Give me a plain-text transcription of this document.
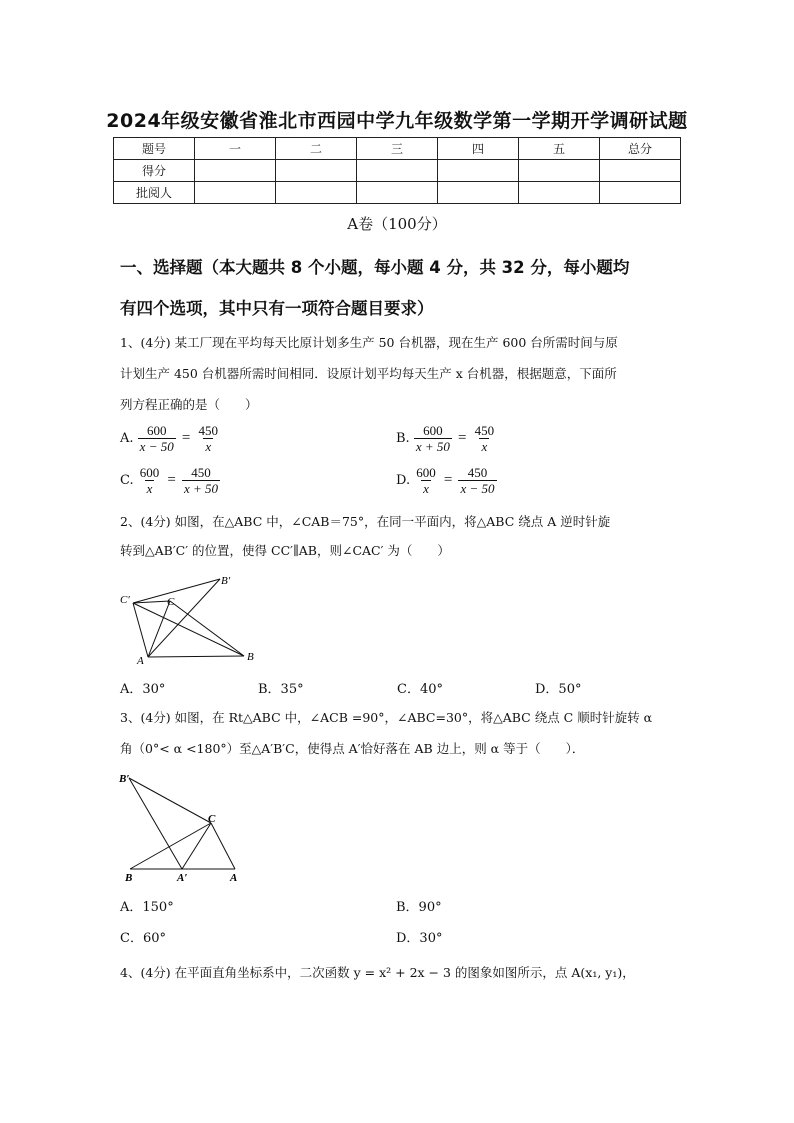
2024年级安徽省淮北市西园中学九年级数学第一学期开学调研试题
题号	一	二	三	四	五	总分
得分						
批阅人						
A卷（100分）
一、选择题（本大题共 8 个小题，每小题 4 分，共 32 分，每小题均
有四个选项，其中只有一项符合题目要求）
1、(4分) 某工厂现在平均每天比原计划多生产 50 台机器，现在生产 600 台所需时间与原
计划生产 450 台机器所需时间相同．设原计划平均每天生产 x 台机器，根据题意，下面所
列方程正确的是（　　）
A. $\frac{600}{x - 50} = \frac{450}{x}$	B. $\frac{600}{x + 50} = \frac{450}{x}$
C. $\frac{600}{x} = \frac{450}{x + 50}$	D. $\frac{600}{x} = \frac{450}{x - 50}$
2、(4分) 如图，在△ABC 中，∠CAB＝75°，在同一平面内，将△ABC 绕点 A 逆时针旋
转到△AB′C′ 的位置，使得 CC′∥AB，则∠CAC′ 为（　　）
C′	C
B′
A	B
A．30°	B．35°	C．40°	D．50°
3、(4分) 如图，在 Rt△ABC 中，∠ACB =90°，∠ABC=30°，将△ABC 绕点 C 顺时针旋转 α
角（0°< α <180°）至△A′B′C，使得点 A′恰好落在 AB 边上，则 α 等于（　　）．
B′
C
B	A′	A
A．150°	B．90°
C．60°	D．30°
4、(4分) 在平面直角坐标系中，二次函数 y = x² + 2x − 3 的图象如图所示，点 A(x₁, y₁)，
